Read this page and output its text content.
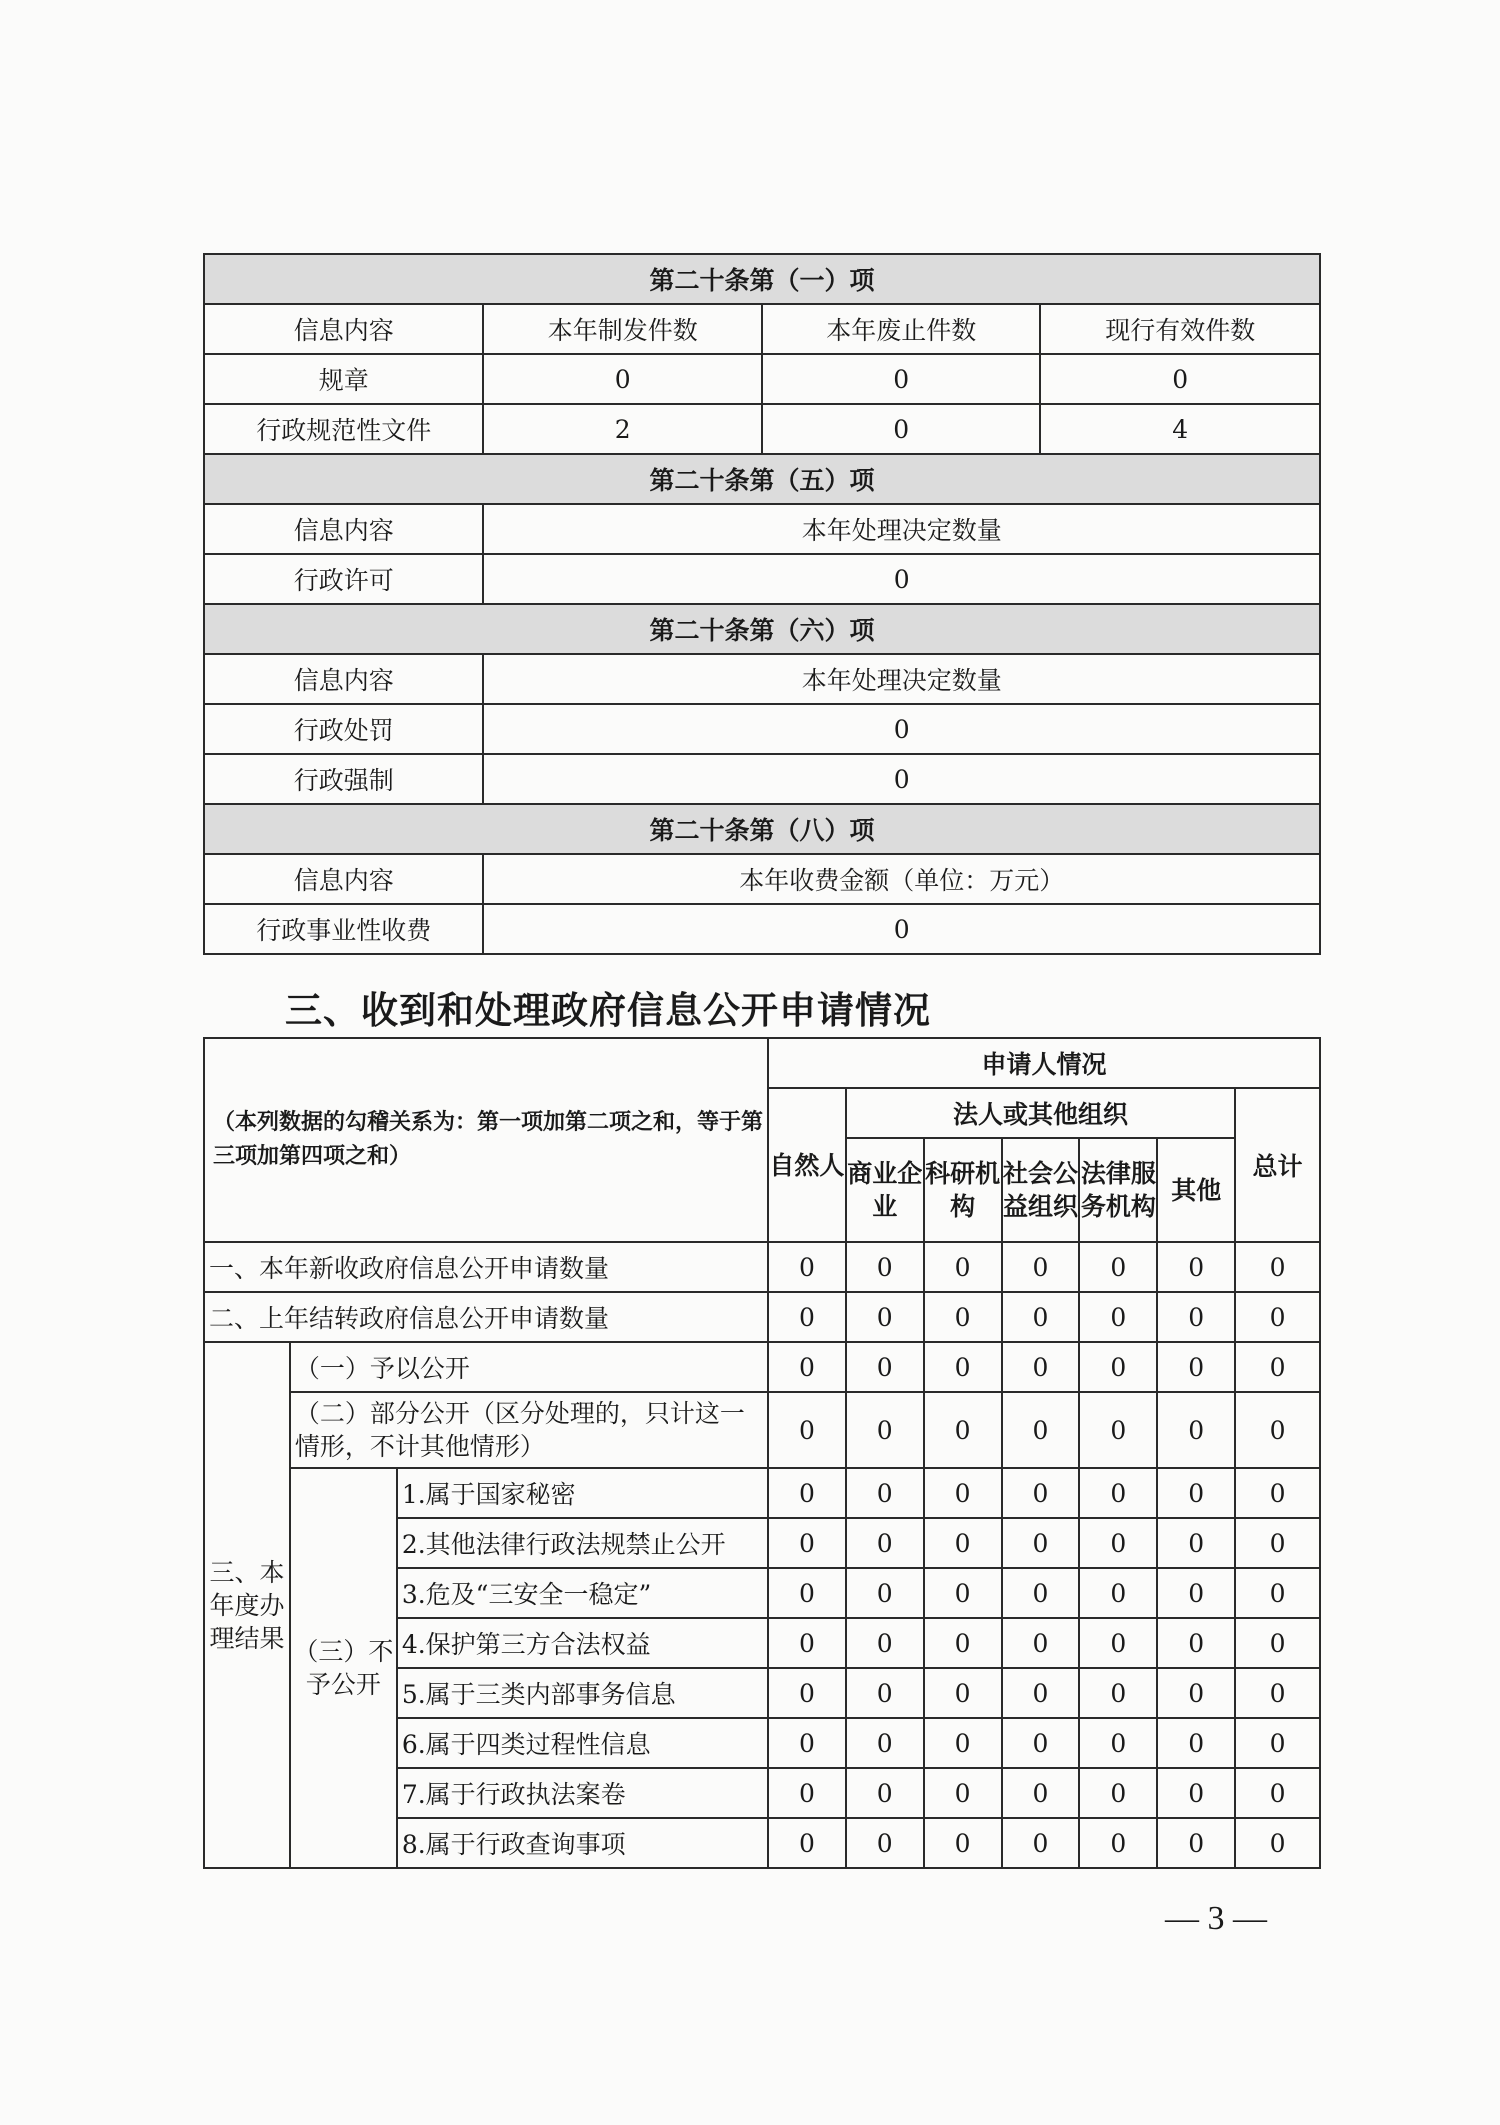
第二十条第（一）项			
信息内容	本年制发件数	本年废止件数	现行有效件数
规章	0	0	0
行政规范性文件	2	0	4
第二十条第（五）项			
信息内容	本年处理决定数量		
行政许可	0		
第二十条第（六）项			
信息内容	本年处理决定数量		
行政处罚	0		
行政强制	0		
第二十条第（八）项			
信息内容	本年收费金额（单位：万元）		
行政事业性收费	0		
三、收到和处理政府信息公开申请情况
（本列数据的勾稽关系为：第一项加第二项之和，等于第三项加第四项之和）			申请人情况						
			自然人	法人或其他组织					总计
				商业企业	科研机构	社会公益组织	法律服务机构	其他	
一、本年新收政府信息公开申请数量			0	0	0	0	0	0	0
二、上年结转政府信息公开申请数量			0	0	0	0	0	0	0
三、本年度办理结果	（一）予以公开		0	0	0	0	0	0	0
	（二）部分公开（区分处理的，只计这一情形，不计其他情形）		0	0	0	0	0	0	0
	（三）不予公开	1.属于国家秘密	0	0	0	0	0	0	0
		2.其他法律行政法规禁止公开	0	0	0	0	0	0	0
		3.危及“三安全一稳定”	0	0	0	0	0	0	0
		4.保护第三方合法权益	0	0	0	0	0	0	0
		5.属于三类内部事务信息	0	0	0	0	0	0	0
		6.属于四类过程性信息	0	0	0	0	0	0	0
		7.属于行政执法案卷	0	0	0	0	0	0	0
		8.属于行政查询事项	0	0	0	0	0	0	0
— 3 —
